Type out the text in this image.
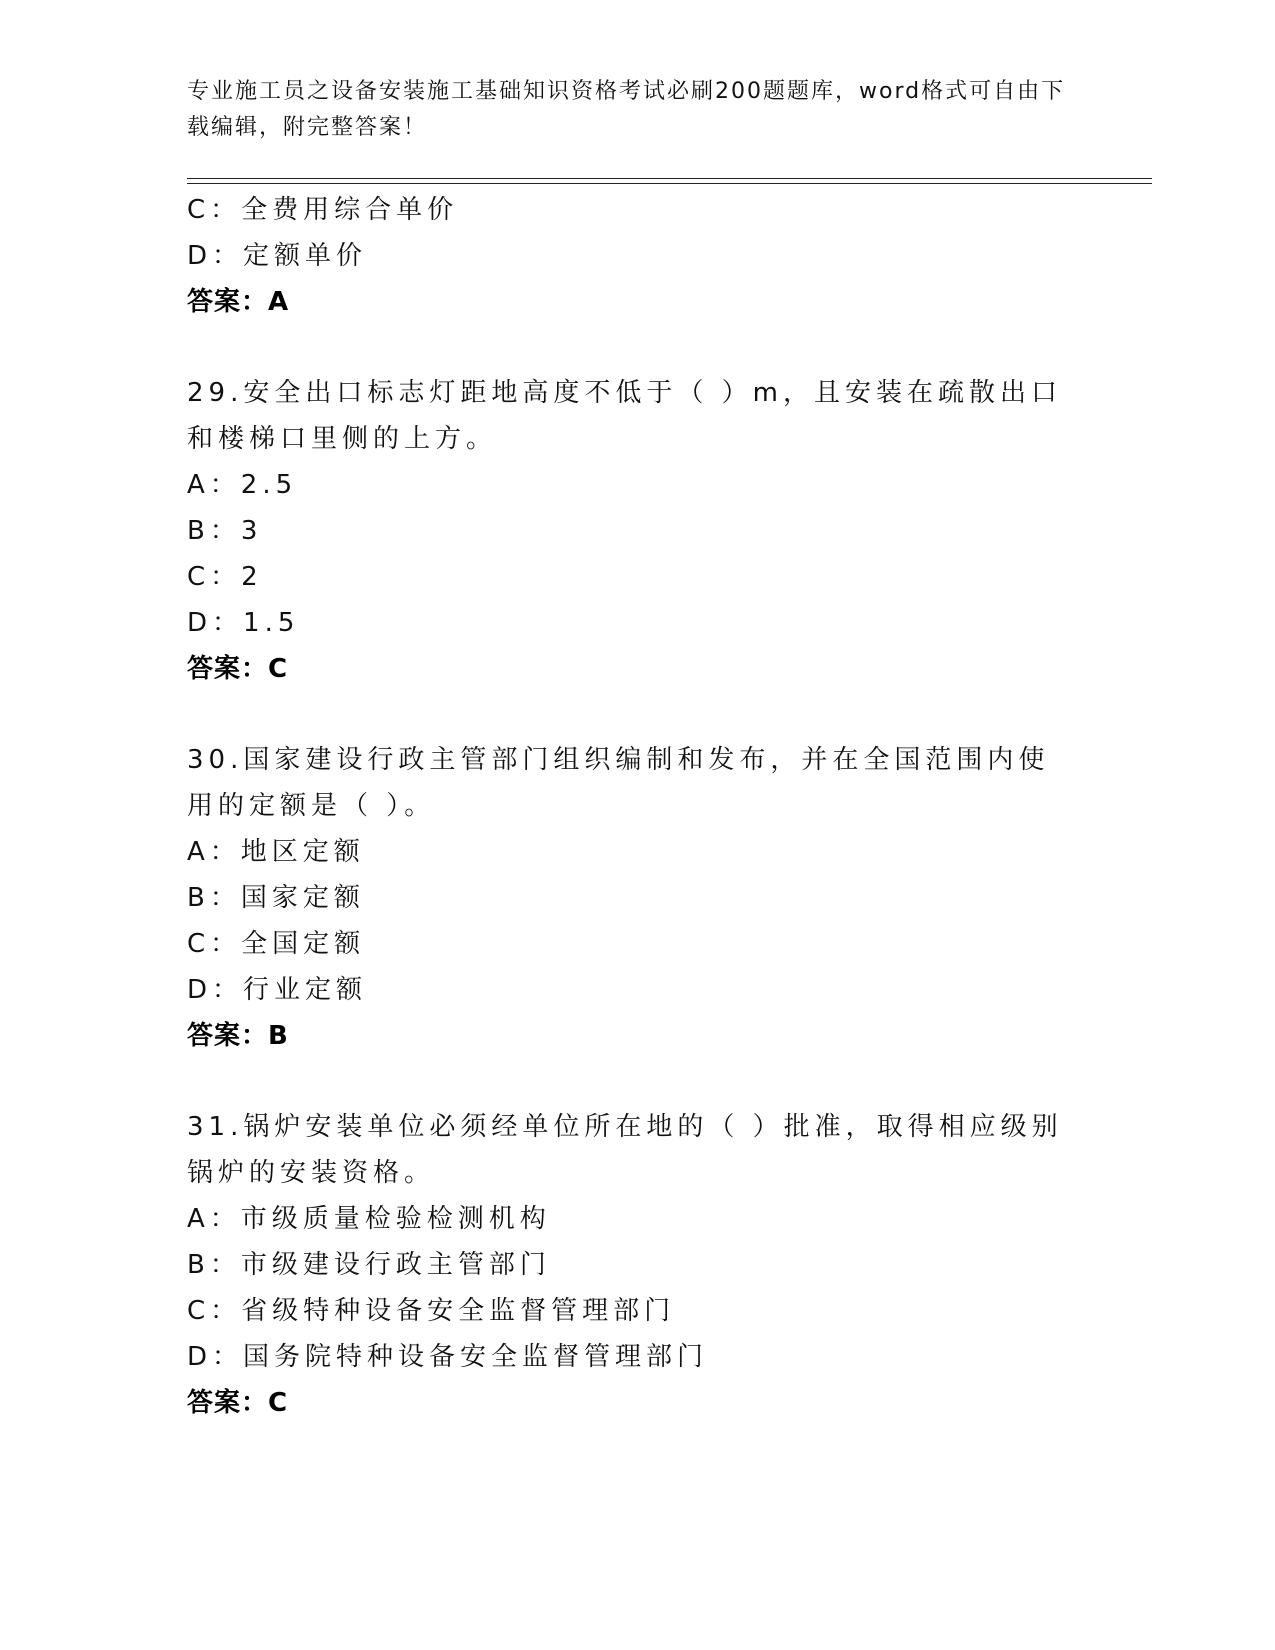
专业施工员之设备安装施工基础知识资格考试必刷200题题库，word格式可自由下载编辑，附完整答案！
C：全费用综合单价
D：定额单价
答案：A
29.安全出口标志灯距地高度不低于（ ）m，且安装在疏散出口和楼梯口里侧的上方。
A：2.5
B：3
C：2
D：1.5
答案：C
30.国家建设行政主管部门组织编制和发布，并在全国范围内使用的定额是（ ）。
A：地区定额
B：国家定额
C：全国定额
D：行业定额
答案：B
31.锅炉安装单位必须经单位所在地的（ ）批准，取得相应级别锅炉的安装资格。
A：市级质量检验检测机构
B：市级建设行政主管部门
C：省级特种设备安全监督管理部门
D：国务院特种设备安全监督管理部门
答案：C
